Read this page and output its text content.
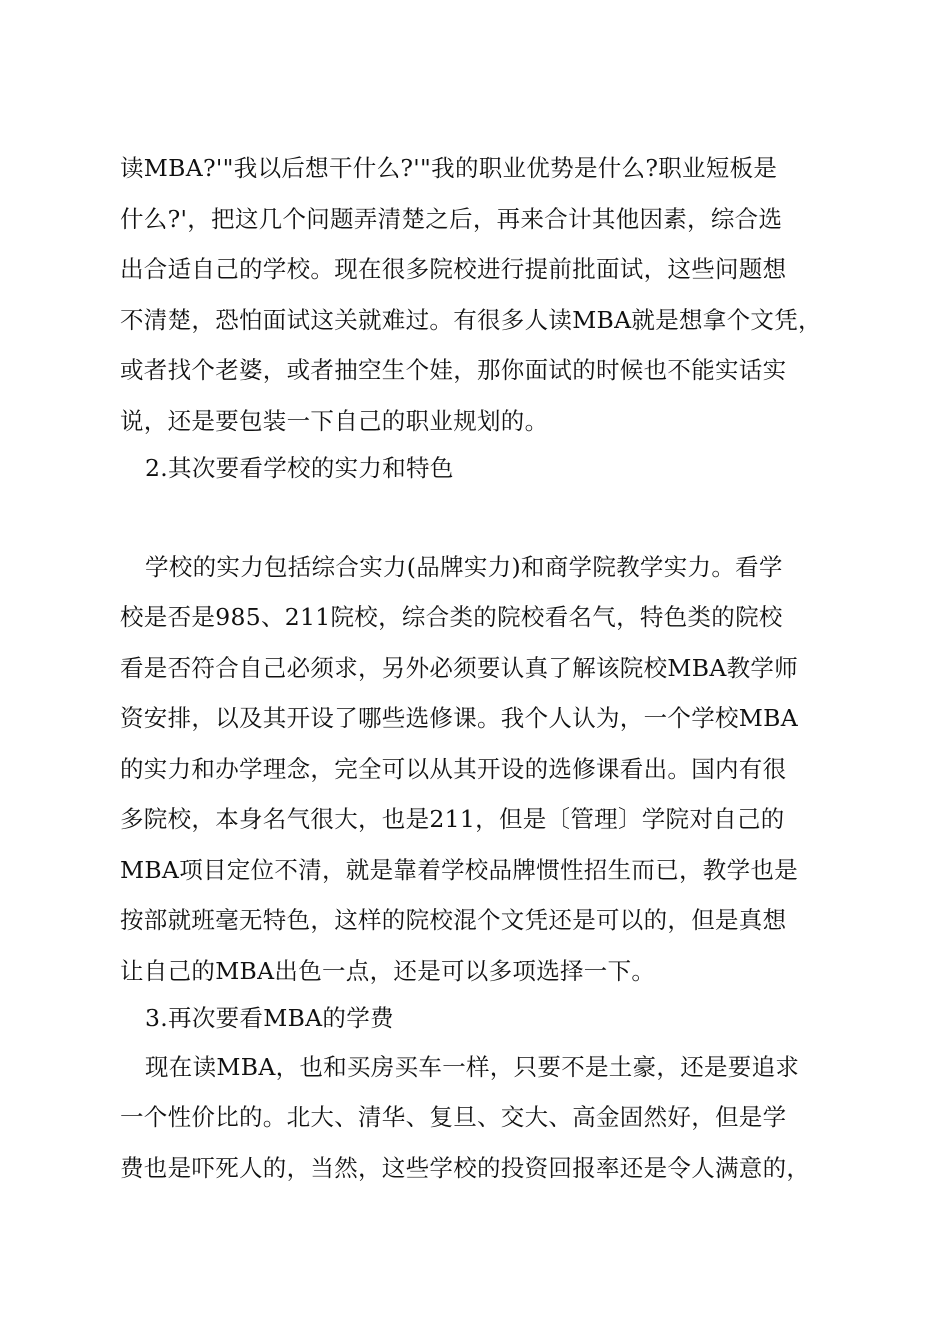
读MBA?'"我以后想干什么?'"我的职业优势是什么?职业短板是
什么?'，把这几个问题弄清楚之后，再来合计其他因素，综合选
出合适自己的学校。现在很多院校进行提前批面试，这些问题想
不清楚，恐怕面试这关就难过。有很多人读MBA就是想拿个文凭，
或者找个老婆，或者抽空生个娃，那你面试的时候也不能实话实
说，还是要包装一下自己的职业规划的。
2.其次要看学校的实力和特色
学校的实力包括综合实力(品牌实力)和商学院教学实力。看学
校是否是985、211院校，综合类的院校看名气，特色类的院校
看是否符合自己必须求，另外必须要认真了解该院校MBA教学师
资安排，以及其开设了哪些选修课。我个人认为，一个学校MBA
的实力和办学理念，完全可以从其开设的选修课看出。国内有很
多院校，本身名气很大，也是211，但是〔管理〕学院对自己的
MBA项目定位不清，就是靠着学校品牌惯性招生而已，教学也是
按部就班毫无特色，这样的院校混个文凭还是可以的，但是真想
让自己的MBA出色一点，还是可以多项选择一下。
3.再次要看MBA的学费
现在读MBA，也和买房买车一样，只要不是土豪，还是要追求
一个性价比的。北大、清华、复旦、交大、高金固然好，但是学
费也是吓死人的，当然，这些学校的投资回报率还是令人满意的，
